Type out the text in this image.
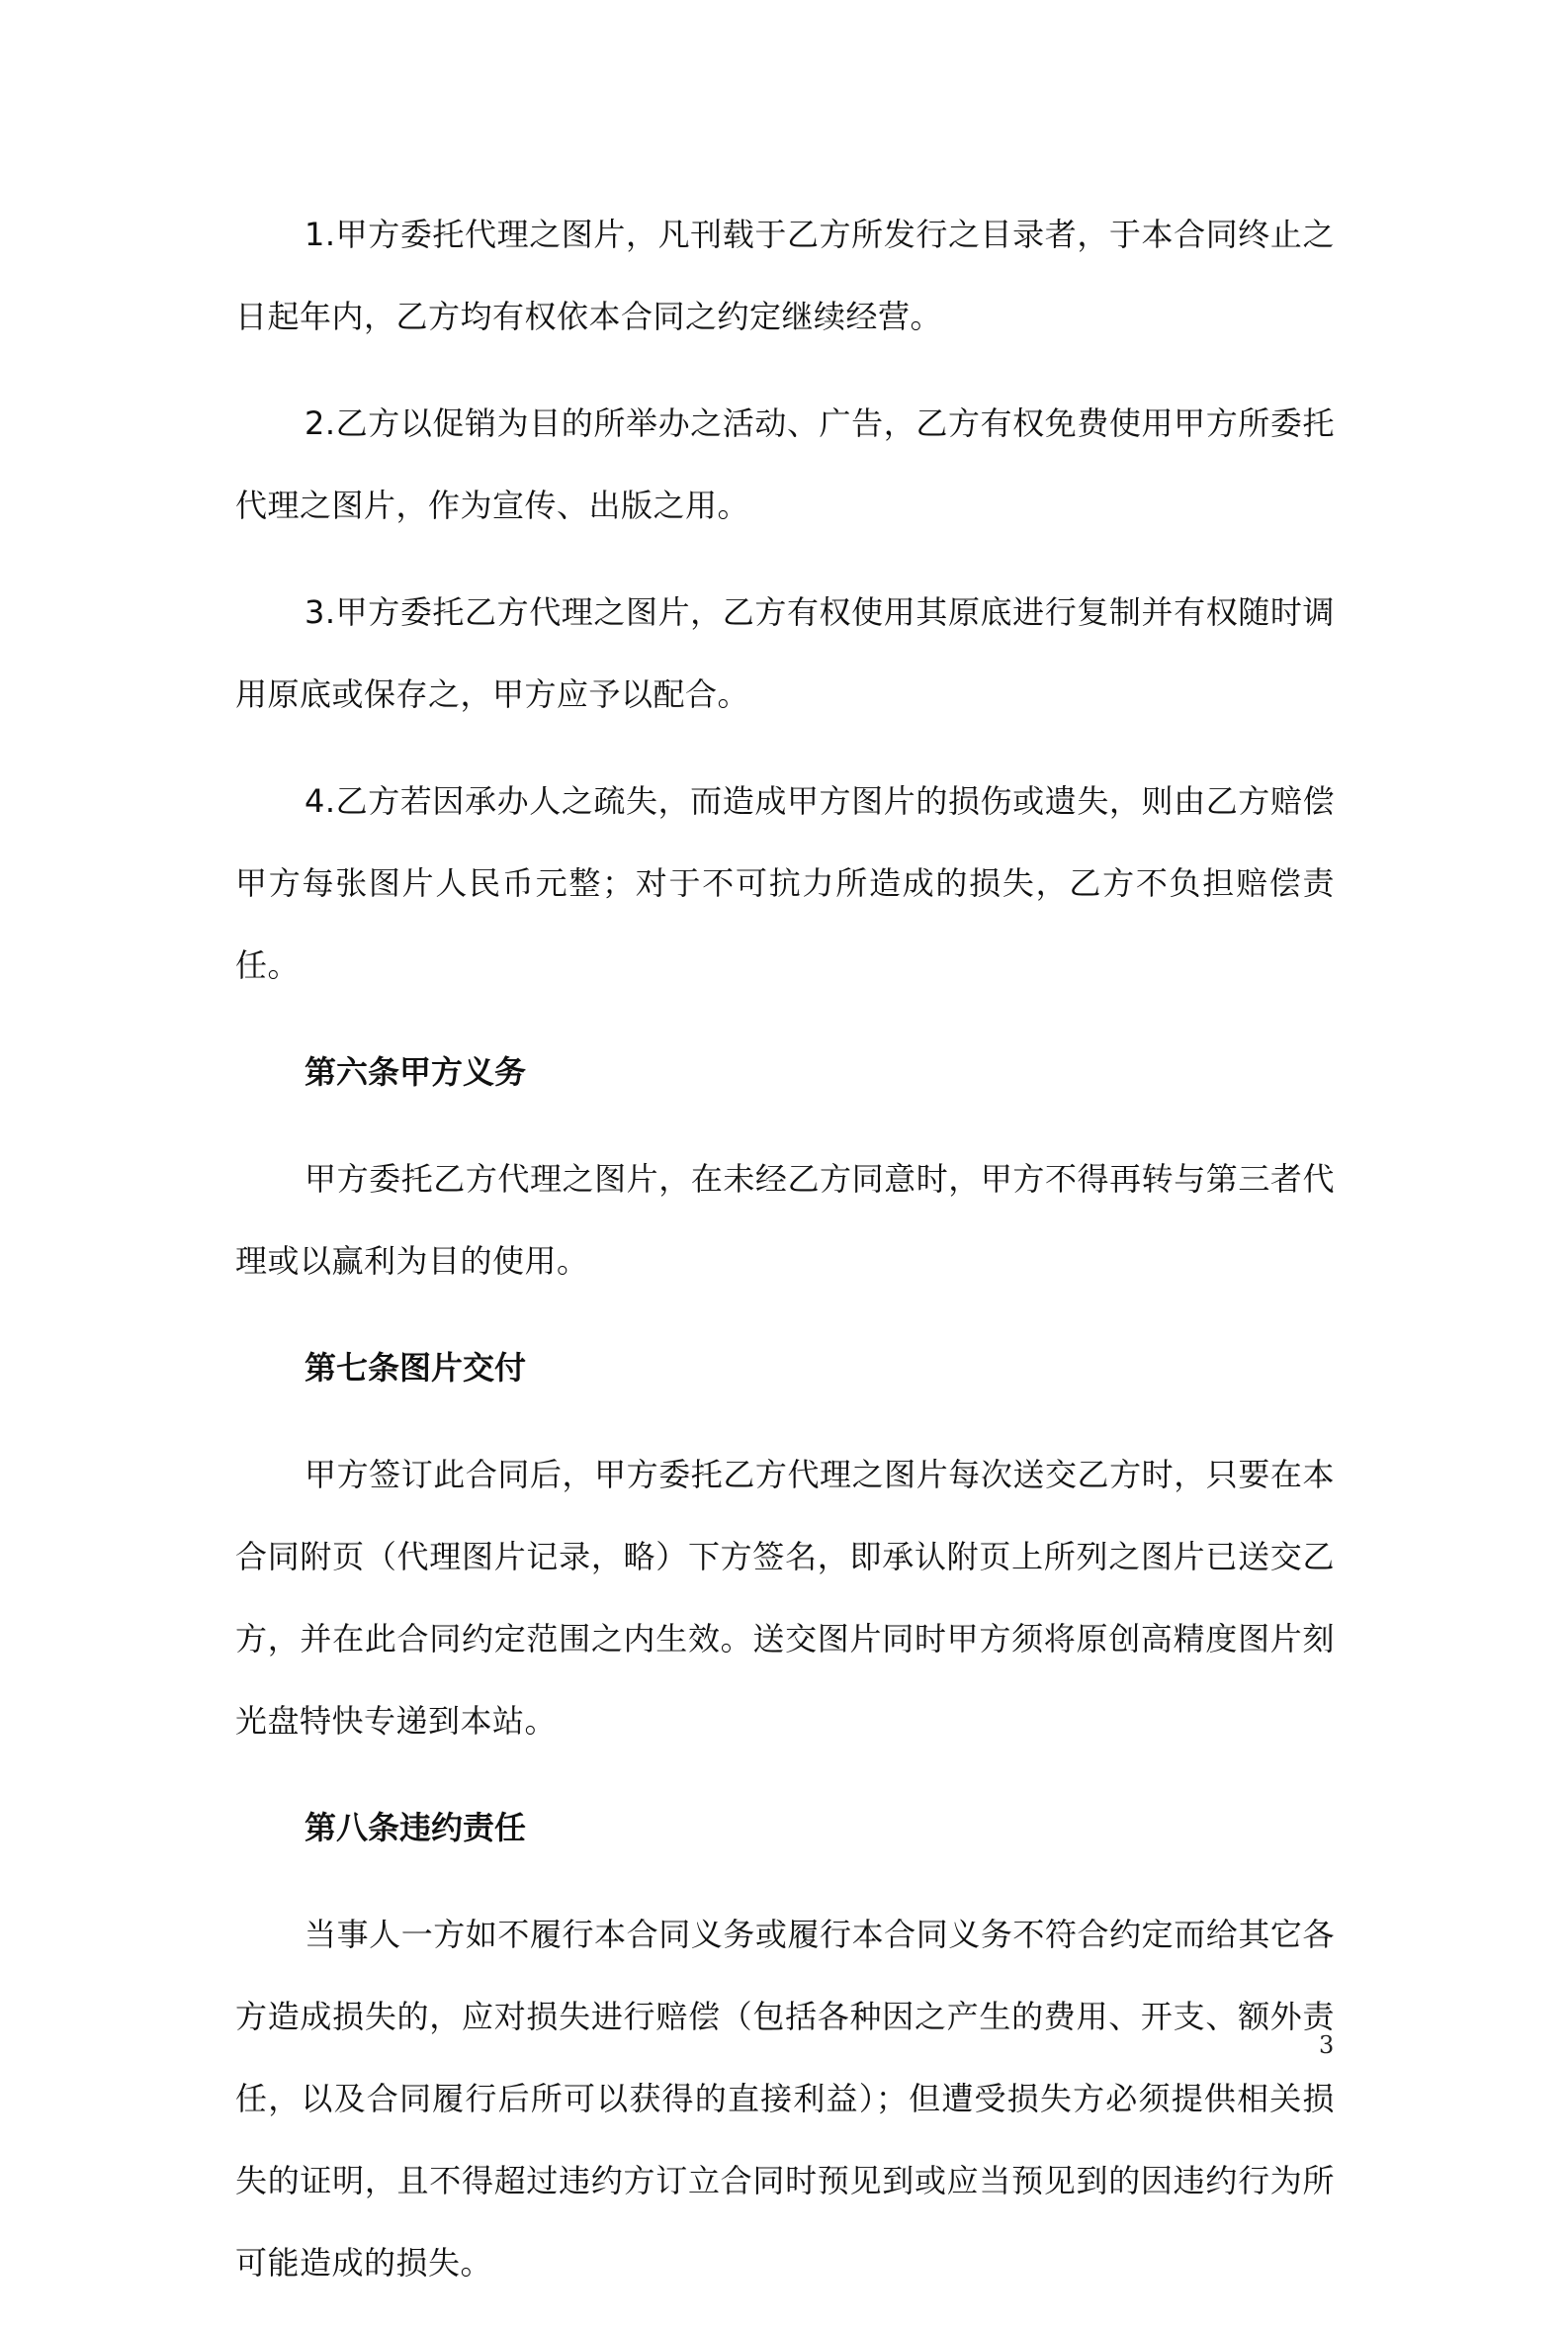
1.甲方委托代理之图片，凡刊载于乙方所发行之目录者，于本合同终止之日起年内，乙方均有权依本合同之约定继续经营。

2.乙方以促销为目的所举办之活动、广告，乙方有权免费使用甲方所委托代理之图片，作为宣传、出版之用。

3.甲方委托乙方代理之图片，乙方有权使用其原底进行复制并有权随时调用原底或保存之，甲方应予以配合。

4.乙方若因承办人之疏失，而造成甲方图片的损伤或遗失，则由乙方赔偿甲方每张图片人民币元整；对于不可抗力所造成的损失，乙方不负担赔偿责任。

第六条甲方义务

甲方委托乙方代理之图片，在未经乙方同意时，甲方不得再转与第三者代理或以赢利为目的使用。

第七条图片交付

甲方签订此合同后，甲方委托乙方代理之图片每次送交乙方时，只要在本合同附页（代理图片记录，略）下方签名，即承认附页上所列之图片已送交乙方，并在此合同约定范围之内生效。送交图片同时甲方须将原创高精度图片刻光盘特快专递到本站。

第八条违约责任

当事人一方如不履行本合同义务或履行本合同义务不符合约定而给其它各方造成损失的，应对损失进行赔偿（包括各种因之产生的费用、开支、额外责任，以及合同履行后所可以获得的直接利益）；但遭受损失方必须提供相关损失的证明，且不得超过违约方订立合同时预见到或应当预见到的因违约行为所可能造成的损失。

3
